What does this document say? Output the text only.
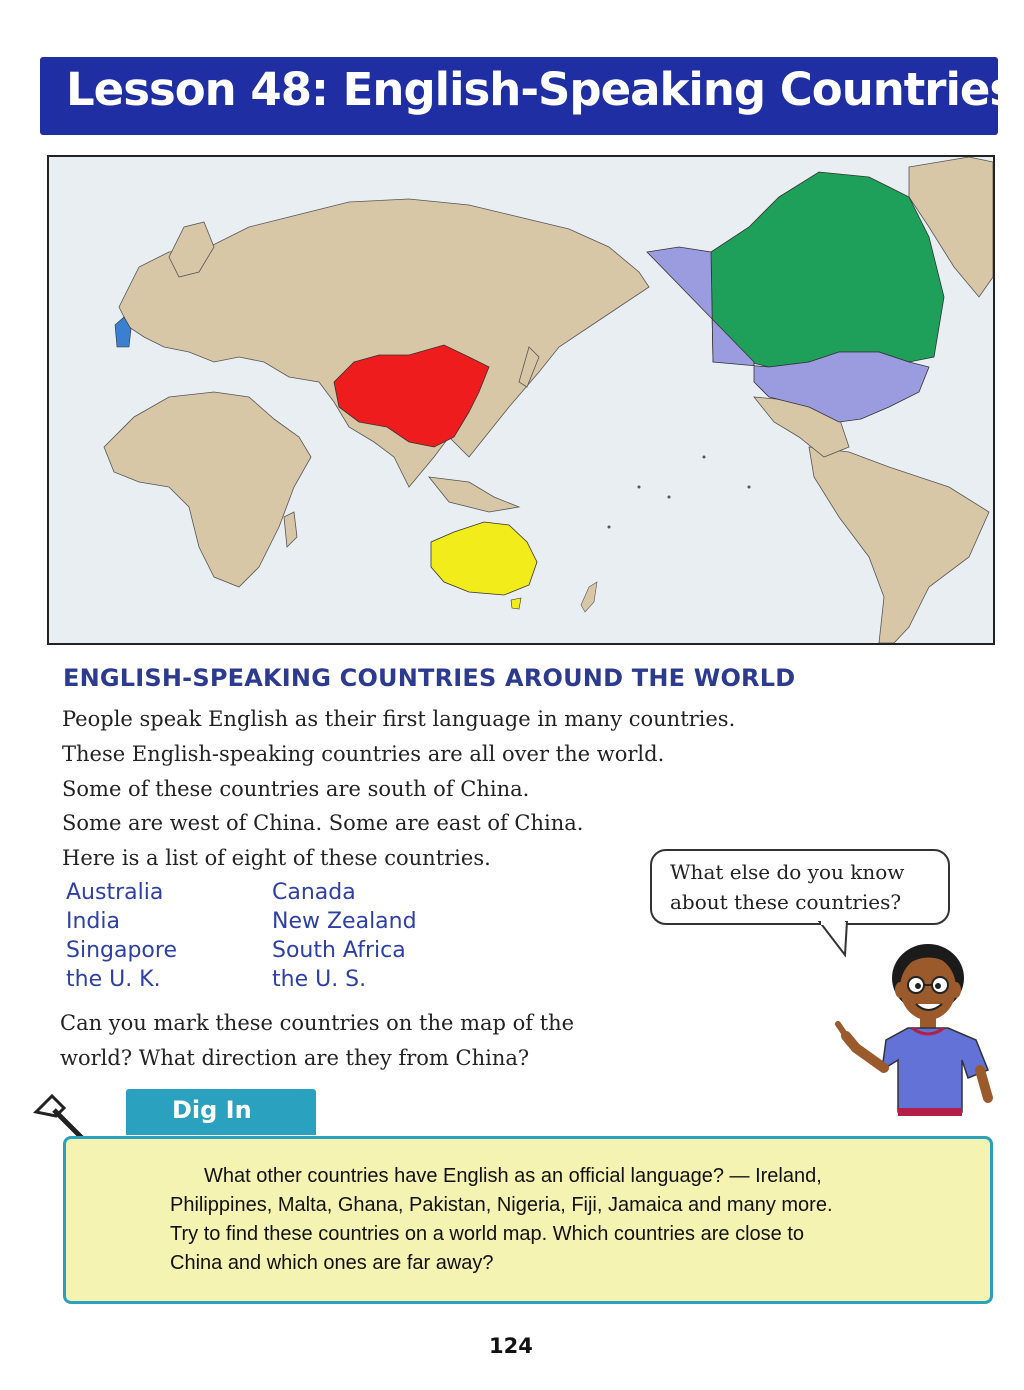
Lesson 48: English-Speaking Countries
ENGLISH-SPEAKING COUNTRIES AROUND THE WORLD

People speak English as their first language in many countries.

These English-speaking countries are all over the world.

Some of these countries are south of China.

Some are west of China. Some are east of China.

Here is a list of eight of these countries.

Australia
India
Singapore
the U. K.
Canada
New Zealand
South Africa
the U. S.

Can you mark these countries on the map of the

world? What direction are they from China?

What else do you know

about these countries?

Dig In

What other countries have English as an official language? — Ireland,

Philippines, Malta, Ghana, Pakistan, Nigeria, Fiji, Jamaica and many more.

Try to find these countries on a world map. Which countries are close to

China and which ones are far away?

124
